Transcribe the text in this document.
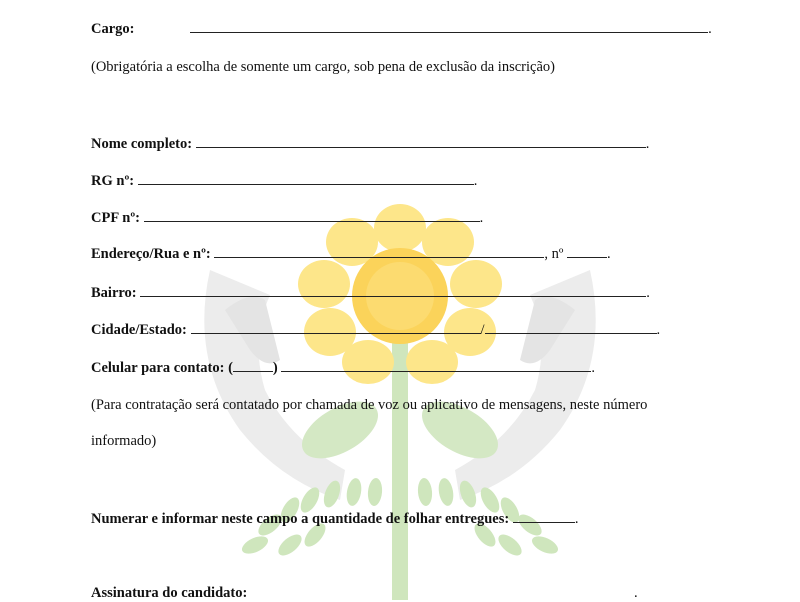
Cargo:	.
(Obrigatória a escolha de somente um cargo, sob pena de exclusão da inscrição)
Nome completo:	.
RG nº:	.
CPF nº:	.
Endereço/Rua e nº:	, nº	.
Bairro:	.
Cidade/Estado:	/	.
Celular para contato: (	)	.
(Para contratação será contatado por chamada de voz ou aplicativo de mensagens, neste número
informado)
Numerar e informar neste campo a quantidade de folhar entregues:	.
Assinatura do candidato:	.
